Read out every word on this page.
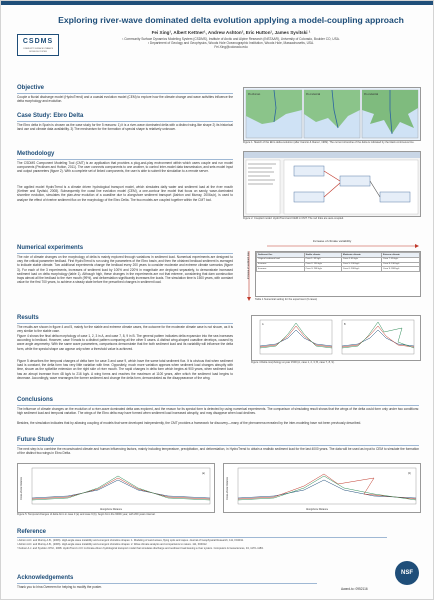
Exploring river-wave dominated delta evolution applying a model-coupling approach
Fei Xing¹, Albert Kettner¹, Andrew Ashton², Eric Hutton¹, James Syvitski ¹
¹ Community Surface Dynamics Modeling System (CSDMS), Institute of Arctic and Alpine Research (INSTAAR), University of Colorado, Boulder CO, USA.
² Department of Geology and Geophysics, Woods Hole Oceanographic Institution, Woods Hole, Massachusetts, USA.
Fei.Xing@colorado.edu
CSDMS
COMMUNITY SURFACE DYNAMICS MODELING SYSTEM
Objective

Couple a fluvial discharge model (HydroTrend) and a coastal evolution model (CEM) to explore how the climate change and wave activities influence the delta morphology and evolution.

Case Study: Ebro Delta

The Ebro delta in Spain is chosen as the case study for the 5 reasons: 1) it is a river-wave dominated delta with a distinct wing-like shape 2) its historical land use and climate data availability. 3) The mechanism for the formation of special shape is relatively unknown.

Methodology

The CSDMS Component Modeling Tool (CMT) is an application that provides a plug-and-play environment within which users couple and run model components (Peckham and Hutton, 2011). The user connects components to one another, to control inter-model data transmission, and sets model input and output parameters (figure 2). With a complete set of linked components, the user is able to submit the simulation to a remote server.

The applied model HydroTrend is a climate driven hydrological transport model, which simulates daily water and sediment load at the river mouth (Kettner and Syvitski, 2008). Subsequently the coast line evolution model (CEM), a one-contour line model that focus on sandy, wave-dominated shoreline evolution, simulates the plan-view evolution of a coastline due to alongshore sediment transport (Ashton and Murray, 2006a,b), is used to analyze the effect of riverine sediment flux on the morphology of the Ebro Delta. The two models are coupled together within the CMT tool.

Pre-Roman	Pre-Industrial	Pre-industrial
Figure 1. Sketch of the Ebro delta evolution (after Canicio & Ibanez, 1999). The current shoreline of the delta is indicated by the black continuous line.
Figure 2. Coupled model: HydroTrend and CEM in CMT. The red links are auto-coupled.
Numerical experiments

The role of climate changes on the morphology of delta is mainly explored through variations in sediment load. Numerical experiments are designed to vary the critical parameter bedload. First HydroTrend is run using the parameters of the Ebro basin, and then the obtained bedload sediment is averaged to indicate stable climate. Two additional experiments change the bedload every 200 years to consider moderate and extreme climate scenarios (figure 3). For each of the 3 experiments, increases of sediment load by 100% and 220% in magnitude are deployed separately, to demonstrate increased sediment load on delta morphology (table 1). Although high, these changes in the experiments are not that extreme, considering that dam construction traps almost all the bedload to the river mouth (99%), and deforestation significantly increases the loads. The simulation time is 1500 years, with constant value for the first 700 years, to achieve a steady state before the prescribed changes in sediment load.

Increase of climate variability
Increase of sediment load	Sediment flux	Stable climate	Moderate climate	Extreme climate
Original sediment load	Case 1: 65 kg/s	Case 4: 65 kg/s	Case 7: 65 kg/s
Increase	Case 2: 130 kg/s	Case 5: 130 kg/s	Case 8: 130 kg/s
Increase	Case 3: 208 kg/s	Case 6: 208 kg/s	Case 9: 208 kg/s
Table 1 Numerical setting for the experiment (6 cases)
Results

The results are shown in figure 4 and 5, mainly for the stable and extreme climate cases, the outcome for the moderate climate case is not shown, as it is very similar to the stable case.

Figure 4 shows the final delta morphology of case 1, 2, 3 in A, and case 7, 8, 9 in B. The general pattern indicates delta expansion into the sea increases according to bedload. However, case 9 leads to a distinct pattern comparing all the other 5 cases. A distinct wing-shaped coastline develops, caused by wave angle asymmetry. With the same wave parameters, comparisons demonstrate that the both sediment load and its variability will influence the delta form, while the special shape can appear only when a threshold value is achieved.

Figure 5 describes the temporal changes of delta form for case 3 and case 9, which have the same total sediment flux. It is obvious that when sediment load is constant, the delta form has very little variation with time. Oppositely, much more variation appears when sediment load changes abruptly with time, shown as the spikelike extension on the right side of river mouth. The rapid changes in delta form which begins at 900 years, when sediment load has an abrupt increase from 48 kg/s to 216 kg/s. A wing forms and reaches the maximum at 1100 years, after which the sediment load begins to decrease. Accordingly, wave rearranges the former sediment and change the delta form, demonstrated as the disappearance of the wing.

A	B
Figure 4 Delta morphology at year 1500 (A, case 1, 2, 3; B, case 7, 8, 9).
Conclusions

The influence of climate changes on the evolution of a river-wave dominated delta was explored, and the reason for its special form is detected by using numerical experiments. The comparison of simulating result shows that the wings of the delta could form only under two conditions: high sediment load and temporal variation. The wings of the Ebro delta may have formed when sediment load increased abruptly, and may disappear when load declines.

Besides, the simulation indicates that by allowing coupling of models that were developed independently, the CMT provides a framework for discovery—many of the phenomena revealed by the inter-modeling have not been previously described.

Future Study

The next step is to combine the reconstructed climate and human influencing factors, mainly including temperature, precipitation, and deforestation, in HydroTrend to obtain a realistic sediment load for the last 4000 years. The data will be used as input to CEM to simulate the formation of the distinct two wings in Ebro Delta.

(a)
Alongshore Distance
Cross-shore Distance
(b)
Alongshore Distance
Cross-shore Distance
Figure 5. Temporal changes of delta form in case 3 (a) and case 9 (b), begin from the 900th year, with 200 years interval.
Reference
¹ Ashton A.D. and Murray A.B., (2006). High-angle wave instability and emergent shoreline shapes: 1. Modeling of sand waves, flying spits and capes. Journal of Geophysical Research, 111, F04011.
² Ashton A.D. and Murray A.B., (2006). High-angle wave instability and emergent shoreline shapes: 2. Wave climate analysis and comparisons to nature. 111, F04012.
³ Kettner A.J. and Syvitski J.P.M., 2008. HydroTrend v.3.0: A climate-driven hydrological transport model that simulates discharge and sediment load leaving a river system. Computers & Geosciences, 34, 1170–1183.
Acknowledgements

Thank you to Irina Overeem for helping to modify the poster.

NSF
Award-to: 0952116
